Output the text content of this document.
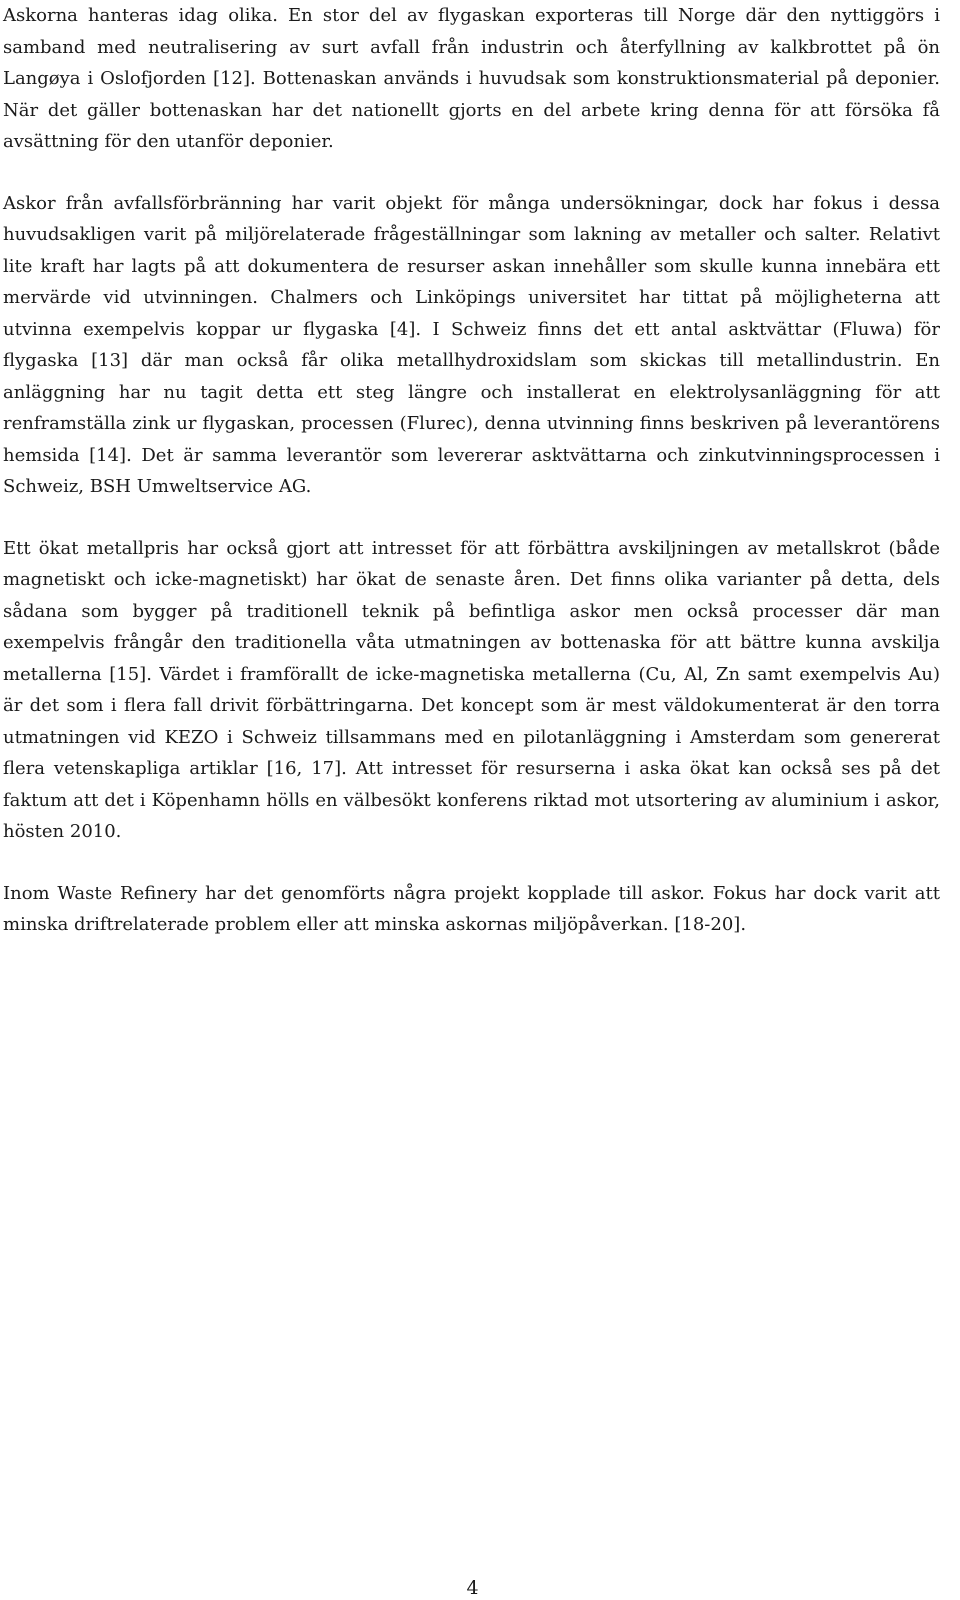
Askorna hanteras idag olika. En stor del av flygaskan exporteras till Norge där den nyttiggörs i samband med neutralisering av surt avfall från industrin och återfyllning av kalkbrottet på ön Langøya i Oslofjorden [12]. Bottenaskan används i huvudsak som konstruktionsmaterial på deponier. När det gäller bottenaskan har det nationellt gjorts en del arbete kring denna för att försöka få avsättning för den utanför deponier.

Askor från avfallsförbränning har varit objekt för många undersökningar, dock har fokus i dessa huvudsakligen varit på miljörelaterade frågeställningar som lakning av metaller och salter. Relativt lite kraft har lagts på att dokumentera de resurser askan innehåller som skulle kunna innebära ett mervärde vid utvinningen. Chalmers och Linköpings universitet har tittat på möjligheterna att utvinna exempelvis koppar ur flygaska [4]. I Schweiz finns det ett antal asktvättar (Fluwa) för flygaska [13] där man också får olika metallhydroxidslam som skickas till metallindustrin. En anläggning har nu tagit detta ett steg längre och installerat en elektrolysanläggning för att renframställa zink ur flygaskan, processen (Flurec), denna utvinning finns beskriven på leverantörens hemsida [14]. Det är samma leverantör som levererar asktvättarna och zinkutvinningsprocessen i Schweiz, BSH Umweltservice AG.

Ett ökat metallpris har också gjort att intresset för att förbättra avskiljningen av metallskrot (både magnetiskt och icke-magnetiskt) har ökat de senaste åren. Det finns olika varianter på detta, dels sådana som bygger på traditionell teknik på befintliga askor men också processer där man exempelvis frångår den traditionella våta utmatningen av bottenaska för att bättre kunna avskilja metallerna [15]. Värdet i framförallt de icke-magnetiska metallerna (Cu, Al, Zn samt exempelvis Au) är det som i flera fall drivit förbättringarna. Det koncept som är mest väldokumenterat är den torra utmatningen vid KEZO i Schweiz tillsammans med en pilotanläggning i Amsterdam som genererat flera vetenskapliga artiklar [16, 17]. Att intresset för resurserna i aska ökat kan också ses på det faktum att det i Köpenhamn hölls en välbesökt konferens riktad mot utsortering av aluminium i askor, hösten 2010.

Inom Waste Refinery har det genomförts några projekt kopplade till askor. Fokus har dock varit att minska driftrelaterade problem eller att minska askornas miljöpåverkan. [18-20].

4
